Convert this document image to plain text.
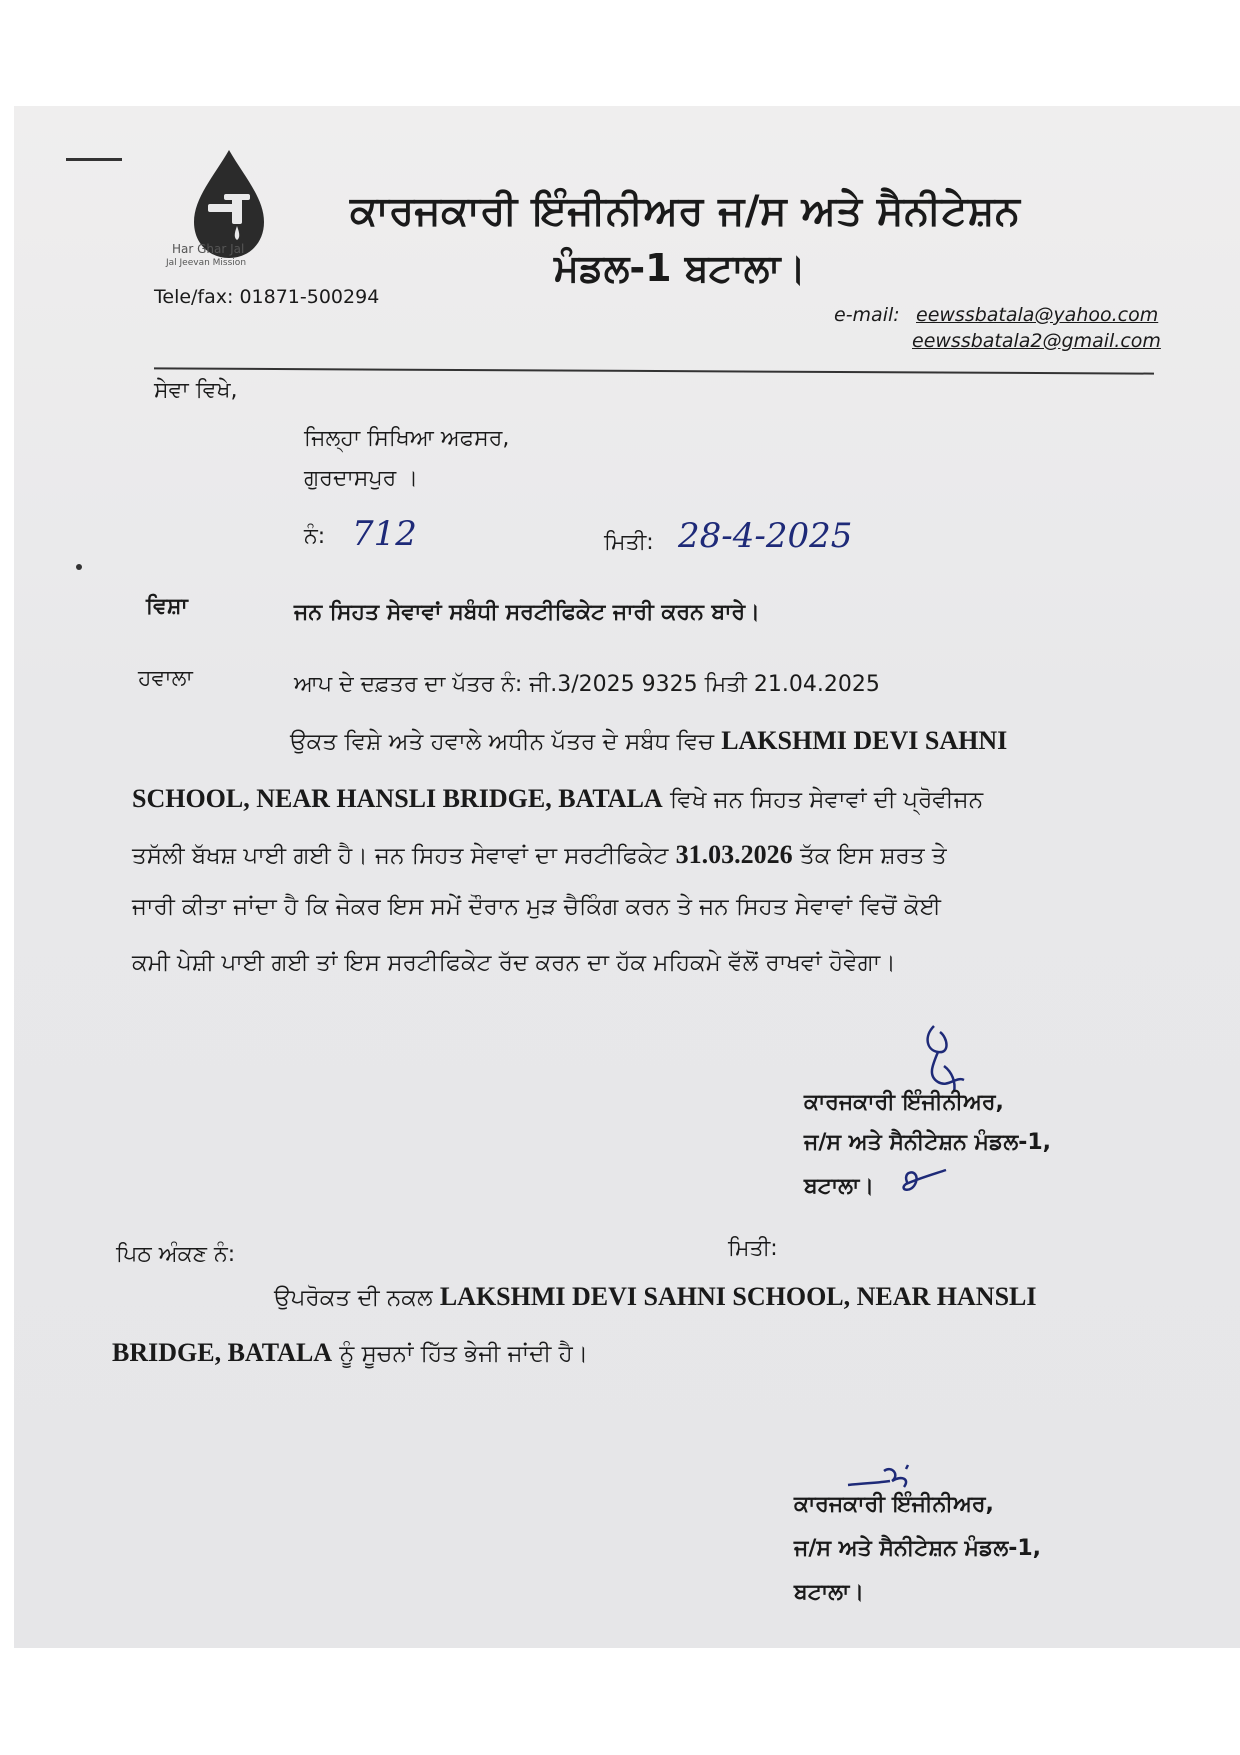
Har Ghar Jal
Jal Jeevan Mission
ਕਾਰਜਕਾਰੀ ਇੰਜੀਨੀਅਰ ਜ/ਸ ਅਤੇ ਸੈਨੀਟੇਸ਼ਨ
ਮੰਡਲ-1 ਬਟਾਲਾ।
Tele/fax: 01871-500294
e-mail: eewssbatala@yahoo.com
eewssbatala2@gmail.com
ਸੇਵਾ ਵਿਖੇ,
ਜਿਲ੍ਹਾ ਸਿਖਿਆ ਅਫਸਰ,
ਗੁਰਦਾਸਪੁਰ ।
ਨੰ: 712	ਮਿਤੀ: 28-4-2025
ਵਿਸ਼ਾ	ਜਨ ਸਿਹਤ ਸੇਵਾਵਾਂ ਸਬੰਧੀ ਸਰਟੀਫਿਕੇਟ ਜਾਰੀ ਕਰਨ ਬਾਰੇ।
ਹਵਾਲਾ	ਆਪ ਦੇ ਦਫ਼ਤਰ ਦਾ ਪੱਤਰ ਨੰ: ਜੀ.3/2025 9325 ਮਿਤੀ 21.04.2025
ਉਕਤ ਵਿਸ਼ੇ ਅਤੇ ਹਵਾਲੇ ਅਧੀਨ ਪੱਤਰ ਦੇ ਸਬੰਧ ਵਿਚ LAKSHMI DEVI SAHNI
SCHOOL, NEAR HANSLI BRIDGE, BATALA ਵਿਖੇ ਜਨ ਸਿਹਤ ਸੇਵਾਵਾਂ ਦੀ ਪ੍ਰੋਵੀਜਨ
ਤਸੱਲੀ ਬੱਖਸ਼ ਪਾਈ ਗਈ ਹੈ। ਜਨ ਸਿਹਤ ਸੇਵਾਵਾਂ ਦਾ ਸਰਟੀਫਿਕੇਟ 31.03.2026 ਤੱਕ ਇਸ ਸ਼ਰਤ ਤੇ
ਜਾਰੀ ਕੀਤਾ ਜਾਂਦਾ ਹੈ ਕਿ ਜੇਕਰ ਇਸ ਸਮੇਂ ਦੌਰਾਨ ਮੁੜ ਚੈਕਿੰਗ ਕਰਨ ਤੇ ਜਨ ਸਿਹਤ ਸੇਵਾਵਾਂ ਵਿਚੋਂ ਕੋਈ
ਕਮੀ ਪੇਸ਼ੀ ਪਾਈ ਗਈ ਤਾਂ ਇਸ ਸਰਟੀਫਿਕੇਟ ਰੱਦ ਕਰਨ ਦਾ ਹੱਕ ਮਹਿਕਮੇ ਵੱਲੋਂ ਰਾਖਵਾਂ ਹੋਵੇਗਾ।
ਕਾਰਜਕਾਰੀ ਇੰਜੀਨੀਅਰ,
ਜ/ਸ ਅਤੇ ਸੈਨੀਟੇਸ਼ਨ ਮੰਡਲ-1,
ਬਟਾਲਾ।
ਪਿਠ ਅੰਕਣ ਨੰ:	ਮਿਤੀ:
ਉਪਰੋਕਤ ਦੀ ਨਕਲ LAKSHMI DEVI SAHNI SCHOOL, NEAR HANSLI
BRIDGE, BATALA ਨੂੰ ਸੂਚਨਾਂ ਹਿੱਤ ਭੇਜੀ ਜਾਂਦੀ ਹੈ।
ਕਾਰਜਕਾਰੀ ਇੰਜੀਨੀਅਰ,
ਜ/ਸ ਅਤੇ ਸੈਨੀਟੇਸ਼ਨ ਮੰਡਲ-1,
ਬਟਾਲਾ।
